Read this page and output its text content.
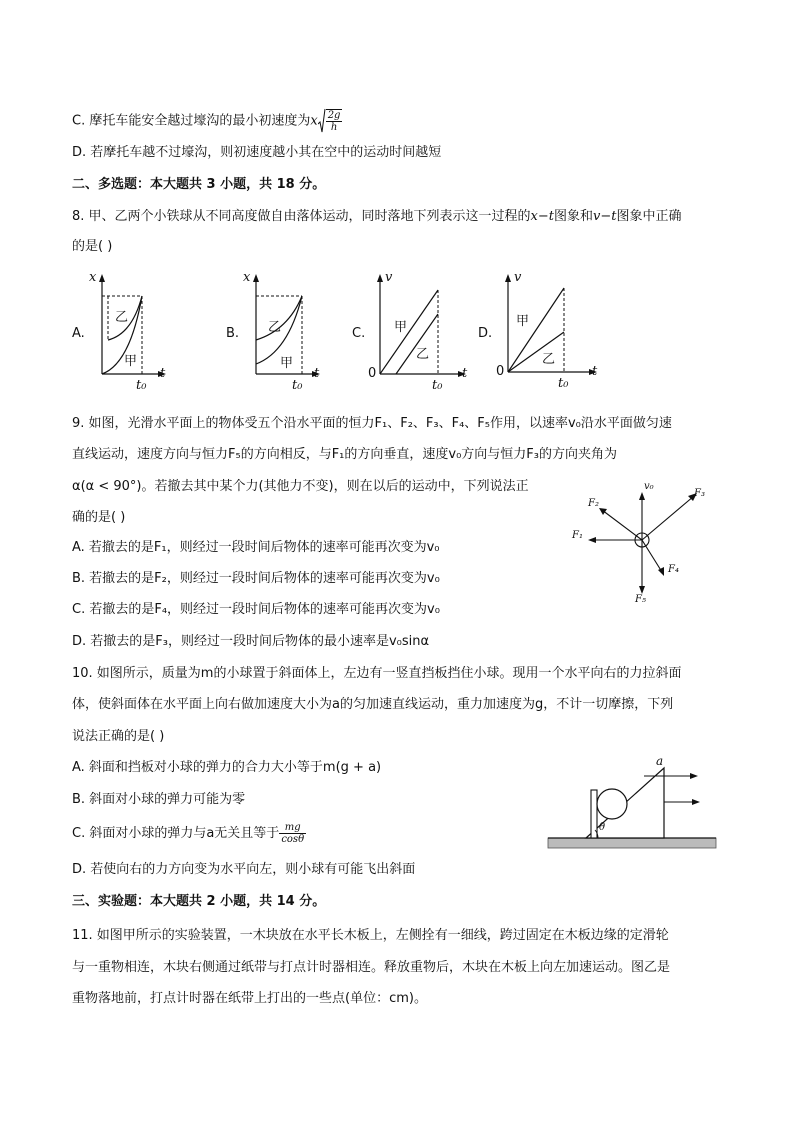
C. 摩托车能安全越过壕沟的最小初速度为x $\frac{2g}{h}$
D. 若摩托车越不过壕沟，则初速度越小其在空中的运动时间越短
二、多选题：本大题共 3 小题，共 18 分。
8. 甲、乙两个小铁球从不同高度做自由落体运动，同时落地下列表示这一过程的x−t图象和v−t图象中正确
的是( )
A.
x
t
t₀
乙
甲
B.
x
t
t₀
乙
甲
C.
v
t
0
t₀
甲
乙
D.
v
t
0
t₀
甲
乙
9. 如图，光滑水平面上的物体受五个沿水平面的恒力F₁、F₂、F₃、F₄、F₅作用，以速率v₀沿水平面做匀速
直线运动，速度方向与恒力F₅的方向相反，与F₁的方向垂直，速度v₀方向与恒力F₃的方向夹角为
α(α < 90°)。若撤去其中某个力(其他力不变)，则在以后的运动中，下列说法正
确的是( )
A. 若撤去的是F₁，则经过一段时间后物体的速率可能再次变为v₀
B. 若撤去的是F₂，则经过一段时间后物体的速率可能再次变为v₀
C. 若撤去的是F₄，则经过一段时间后物体的速率可能再次变为v₀
D. 若撤去的是F₃，则经过一段时间后物体的最小速率是v₀sinα
v₀
F₁
F₂
F₃
F₄
F₅
10. 如图所示，质量为m的小球置于斜面体上，左边有一竖直挡板挡住小球。现用一个水平向右的力拉斜面
体，使斜面体在水平面上向右做加速度大小为a的匀加速直线运动，重力加速度为g，不计一切摩擦，下列
说法正确的是( )
A. 斜面和挡板对小球的弹力的合力大小等于m(g + a)
B. 斜面对小球的弹力可能为零
C. 斜面对小球的弹力与a无关且等于 $\frac{mg}{\cos\theta}$
D. 若使向右的力方向变为水平向左，则小球有可能飞出斜面
a
θ
三、实验题：本大题共 2 小题，共 14 分。
11. 如图甲所示的实验装置，一木块放在水平长木板上，左侧拴有一细线，跨过固定在木板边缘的定滑轮
与一重物相连，木块右侧通过纸带与打点计时器相连。释放重物后，木块在木板上向左加速运动。图乙是
重物落地前，打点计时器在纸带上打出的一些点(单位：cm)。
